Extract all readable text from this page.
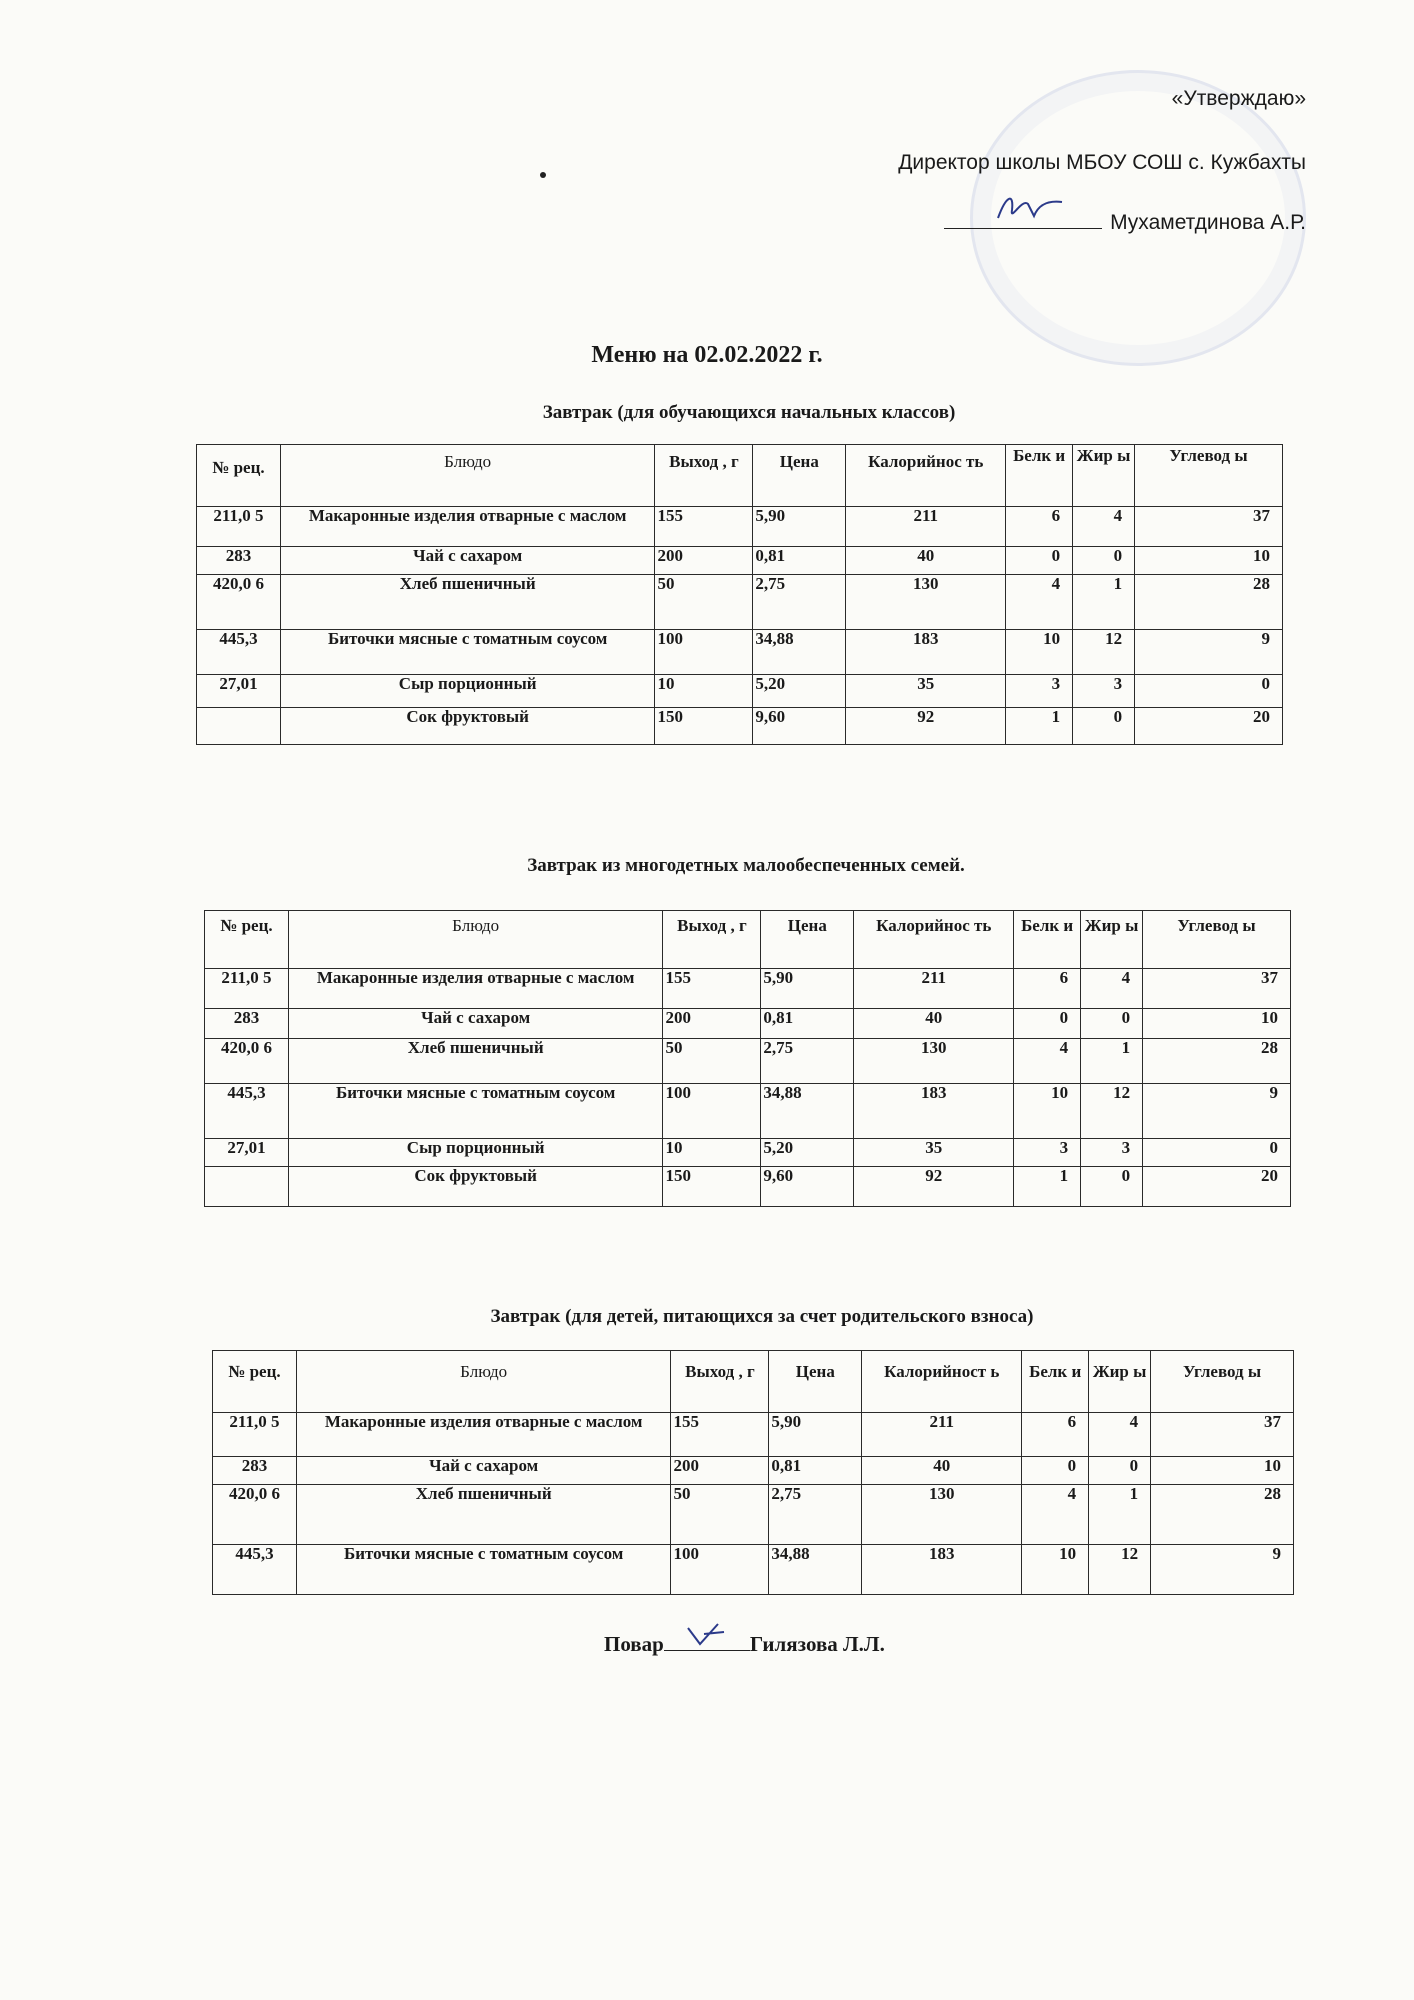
«Утверждаю»
Директор школы МБОУ СОШ с. Кужбахты
Мухаметдинова А.Р.
Меню на 02.02.2022 г.
Завтрак (для обучающихся начальных классов)
№ рец.	Блюдо	Выход , г	Цена	Калорийнос ть	Белк и	Жир ы	Углевод ы
211,0 5	Макаронные изделия отварные с маслом	155	5,90	211	6	4	37
283	Чай с сахаром	200	0,81	40	0	0	10
420,0 6	Хлеб пшеничный	50	2,75	130	4	1	28
445,3	Биточки мясные с томатным соусом	100	34,88	183	10	12	9
27,01	Сыр порционный	10	5,20	35	3	3	0
	Сок фруктовый	150	9,60	92	1	0	20
Завтрак из многодетных малообеспеченных семей.
№ рец.	Блюдо	Выход , г	Цена	Калорийнос ть	Белк и	Жир ы	Углевод ы
211,0 5	Макаронные изделия отварные с маслом	155	5,90	211	6	4	37
283	Чай с сахаром	200	0,81	40	0	0	10
420,0 6	Хлеб пшеничный	50	2,75	130	4	1	28
445,3	Биточки мясные с томатным соусом	100	34,88	183	10	12	9
27,01	Сыр порционный	10	5,20	35	3	3	0
	Сок фруктовый	150	9,60	92	1	0	20
Завтрак (для детей, питающихся за счет родительского взноса)
№ рец.	Блюдо	Выход , г	Цена	Калорийност ь	Белк и	Жир ы	Углевод ы
211,0 5	Макаронные изделия отварные с маслом	155	5,90	211	6	4	37
283	Чай с сахаром	200	0,81	40	0	0	10
420,0 6	Хлеб пшеничный	50	2,75	130	4	1	28
445,3	Биточки мясные с томатным соусом	100	34,88	183	10	12	9
Повар	Гилязова Л.Л.
